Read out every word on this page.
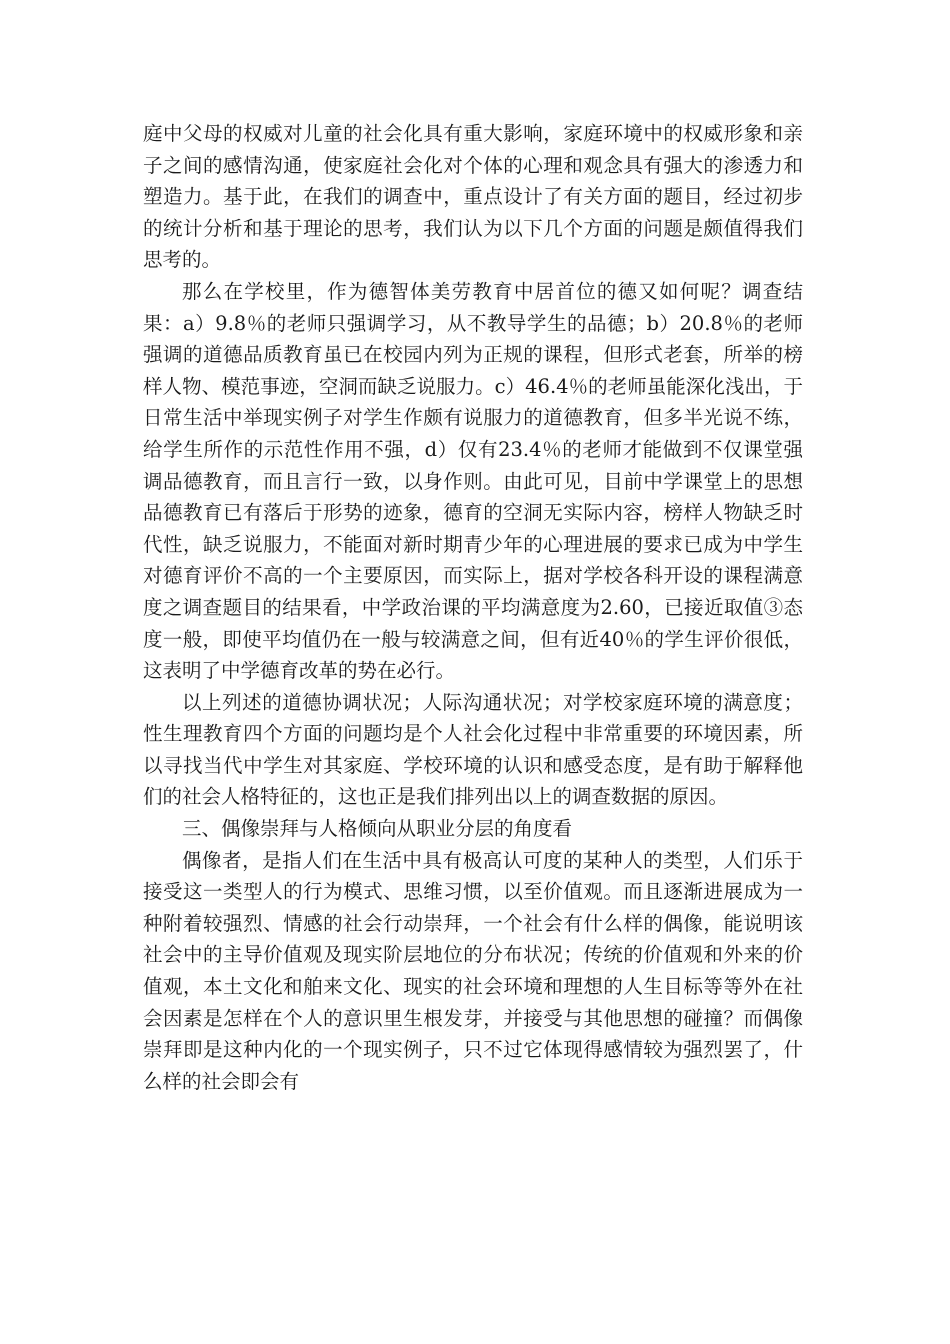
庭中父母的权威对儿童的社会化具有重大影响，家庭环境中的权威形象和亲子之间的感情沟通，使家庭社会化对个体的心理和观念具有强大的渗透力和塑造力。基于此，在我们的调查中，重点设计了有关方面的题目，经过初步的统计分析和基于理论的思考，我们认为以下几个方面的问题是颇值得我们思考的。

那么在学校里，作为德智体美劳教育中居首位的德又如何呢？调查结果：a）9.8％的老师只强调学习，从不教导学生的品德；b）20.8％的老师强调的道德品质教育虽已在校园内列为正规的课程，但形式老套，所举的榜样人物、模范事迹，空洞而缺乏说服力。c）46.4％的老师虽能深化浅出，于日常生活中举现实例子对学生作颇有说服力的道德教育，但多半光说不练，给学生所作的示范性作用不强，d）仅有23.4％的老师才能做到不仅课堂强调品德教育，而且言行一致，以身作则。由此可见，目前中学课堂上的思想品德教育已有落后于形势的迹象，德育的空洞无实际内容，榜样人物缺乏时代性，缺乏说服力，不能面对新时期青少年的心理进展的要求已成为中学生对德育评价不高的一个主要原因，而实际上，据对学校各科开设的课程满意度之调查题目的结果看，中学政治课的平均满意度为2.60，已接近取值③态度一般，即使平均值仍在一般与较满意之间，但有近40％的学生评价很低，这表明了中学德育改革的势在必行。

以上列述的道德协调状况；人际沟通状况；对学校家庭环境的满意度；性生理教育四个方面的问题均是个人社会化过程中非常重要的环境因素，所以寻找当代中学生对其家庭、学校环境的认识和感受态度，是有助于解释他们的社会人格特征的，这也正是我们排列出以上的调查数据的原因。

三、偶像崇拜与人格倾向从职业分层的角度看

偶像者，是指人们在生活中具有极高认可度的某种人的类型，人们乐于接受这一类型人的行为模式、思维习惯，以至价值观。而且逐渐进展成为一种附着较强烈、情感的社会行动崇拜，一个社会有什么样的偶像，能说明该社会中的主导价值观及现实阶层地位的分布状况；传统的价值观和外来的价值观，本土文化和舶来文化、现实的社会环境和理想的人生目标等等外在社会因素是怎样在个人的意识里生根发芽，并接受与其他思想的碰撞？而偶像崇拜即是这种内化的一个现实例子，只不过它体现得感情较为强烈罢了，什么样的社会即会有
